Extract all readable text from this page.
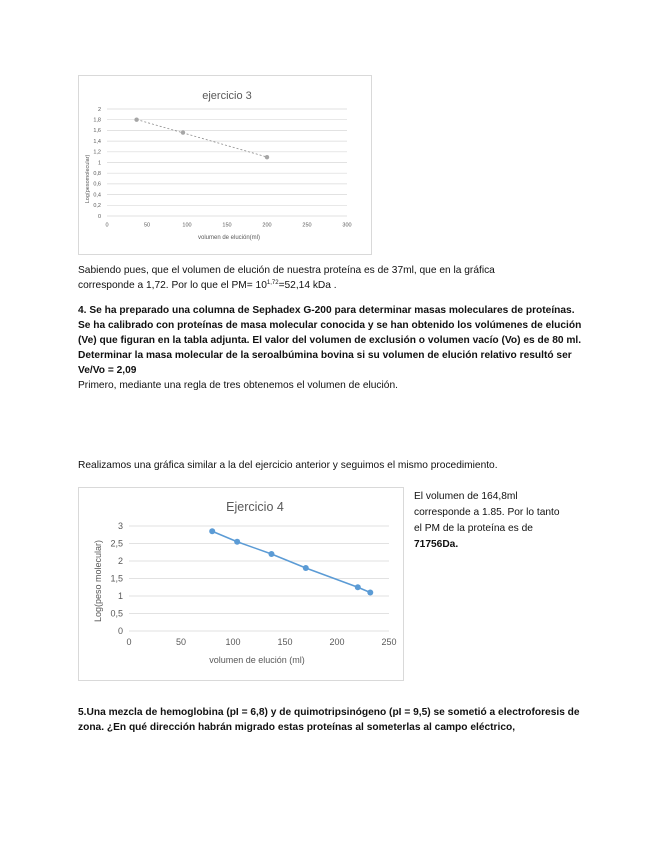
ejercicio 3
0
0,2
0,4
0,6
0,8
1
1,2
1,4
1,6
1,8
2
0	50	100	150	200	250	300
Log(pesomolecular)
volumen de elución(ml)

Sabiendo pues, que el volumen de elución de nuestra proteína es de 37ml, que en la gráfica
corresponde a 1,72. Por lo que el $PM= 10^{1,72}=52,14$ kDa .

4. Se ha preparado una columna de Sephadex G-200 para determinar masas moleculares de proteínas. Se ha calibrado con proteínas de masa molecular conocida y se han obtenido los volúmenes de elución (Ve) que figuran en la tabla adjunta. El valor del volumen de exclusión o volumen vacío (Vo) es de 80 ml. Determinar la masa molecular de la seroalbúmina bovina si su volumen de elución relativo resultó ser Ve/Vo = 2,09

Primero, mediante una regla de tres obtenemos el volumen de elución.

Realizamos una gráfica similar a la del ejercicio anterior y seguimos el mismo procedimiento.

Ejercicio 4
0
0,5
1
1,5
2
2,5
3
0	50	100	150	200	250
Log(peso molecular)
volumen de elución (ml)
El volumen de 164,8ml
corresponde a 1.85. Por lo tanto
el PM de la proteína es de
71756Da.

5.Una mezcla de hemoglobina (pI = 6,8) y de quimotripsinógeno (pI = 9,5) se sometió a electroforesis de zona. ¿En qué dirección habrán migrado estas proteínas al someterlas al campo eléctrico,
